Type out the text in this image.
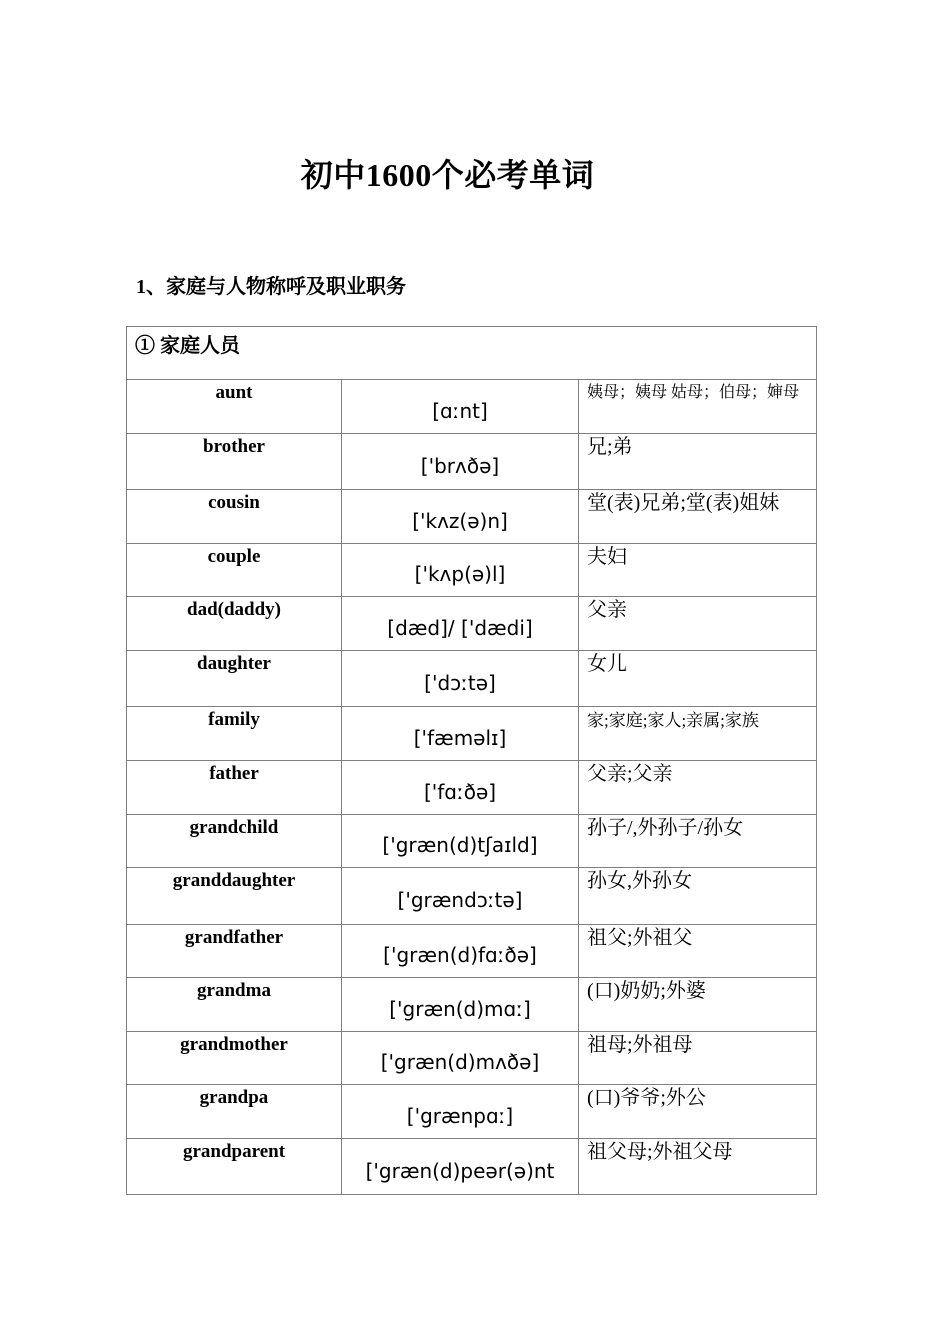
初中1600个必考单词
1、家庭与人物称呼及职业职务
① 家庭人员		
aunt	[ɑːnt]	姨母；姨母 姑母；伯母；婶母
brother	['brʌðə]	兄;弟
cousin	['kʌz(ə)n]	堂(表)兄弟;堂(表)姐妹
couple	['kʌp(ə)l]	夫妇
dad(daddy)	[dæd]/ ['dædi]	父亲
daughter	['dɔːtə]	女儿
family	['fæməlɪ]	家;家庭;家人;亲属;家族
father	['fɑːðə]	父亲;父亲
grandchild	['græn(d)tʃaɪld]	孙子/,外孙子/孙女
granddaughter	['grændɔːtə]	孙女,外孙女
grandfather	['græn(d)fɑːðə]	祖父;外祖父
grandma	['græn(d)mɑː]	(口)奶奶;外婆
grandmother	['græn(d)mʌðə]	祖母;外祖母
grandpa	['grænpɑː]	(口)爷爷;外公
grandparent	['græn(d)peər(ə)nt	祖父母;外祖父母
